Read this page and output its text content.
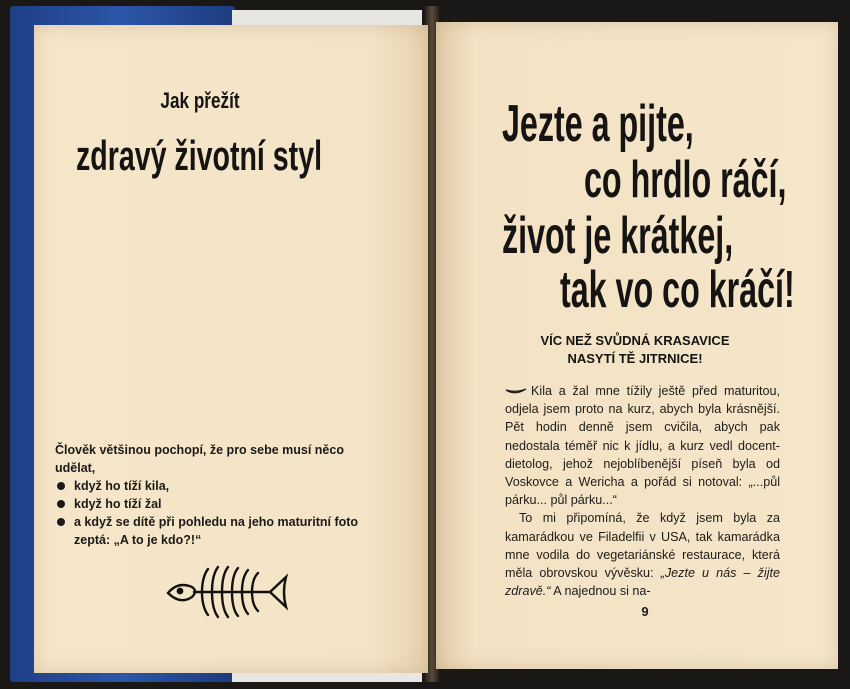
Jak přežít
zdravý životní styl
Člověk většinou pochopí, že pro sebe musí něco udělat,
když ho tíží kila,
když ho tíží žal
a když se dítě při pohledu na jeho maturitní foto zeptá: „A to je kdo?!“
Jezte a pijte,
co hrdlo ráčí,
život je krátkej,
tak vo co kráčí!
VÍC NEŽ SVŮDNÁ KRASAVICE
NASYTÍ TĚ JITRNICE!

Kila a žal mne tížily ještě před maturitou, odjela jsem proto na kurz, abych byla krásnější. Pět hodin denně jsem cvičila, abych pak nedostala téměř nic k jídlu, a kurz vedl docent-dietolog, jehož nejoblíbenější píseň byla od Voskovce a Wericha a pořád si notoval: „...půl párku... půl párku...“

To mi připomíná, že když jsem byla za kamarádkou ve Filadelfii v USA, tak kamarádka mne vodila do vegetariánské restaurace, která měla obrovskou vývěsku: „Jezte u nás – žijte zdravě.“ A najednou si na-

9
